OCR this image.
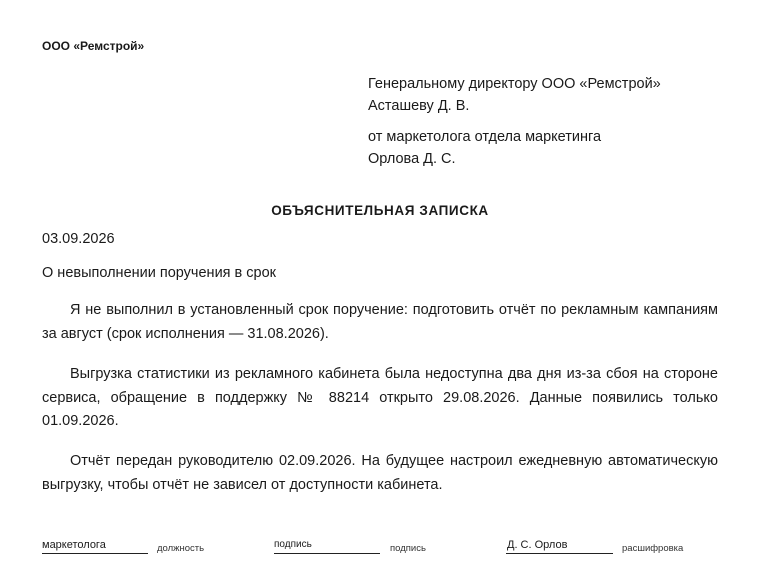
ООО «Ремстрой»
Генеральному директору ООО «Ремстрой»
Асташеву Д. В.
от маркетолога отдела маркетинга
Орлова Д. С.
ОБЪЯСНИТЕЛЬНАЯ ЗАПИСКА
03.09.2026
О невыполнении поручения в срок
Я не выполнил в установленный срок поручение: подготовить отчёт по рекламным кампаниям за август (срок исполнения — 31.08.2026).
Выгрузка статистики из рекламного кабинета была недоступна два дня из-за сбоя на стороне сервиса, обращение в поддержку № 88214 открыто 29.08.2026. Данные появились только 01.09.2026.
Отчёт передан руководителю 02.09.2026. На будущее настроил ежедневную автоматическую выгрузку, чтобы отчёт не зависел от доступности кабинета.
маркетолога	должность	подпись	подпись	Д. С. Орлов	расшифровка
